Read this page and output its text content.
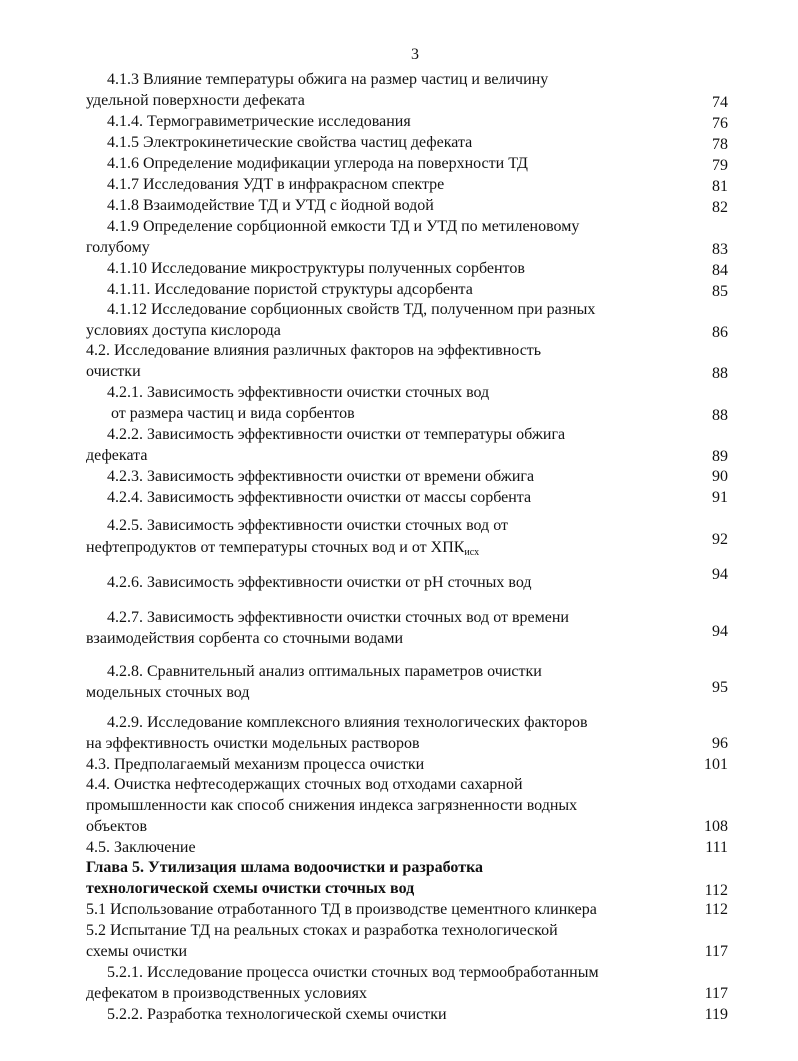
3
4.1.3 Влияние температуры обжига на размер частиц и величину
удельной поверхности дефеката	74
4.1.4. Термогравиметрические исследования	76
4.1.5 Электрокинетические свойства частиц дефеката	78
4.1.6 Определение модификации углерода на поверхности ТД	79
4.1.7 Исследования УДТ в инфракрасном спектре	81
4.1.8 Взаимодействие ТД и УТД с йодной водой	82
4.1.9 Определение сорбционной емкости ТД и УТД по метиленовому
голубому	83
4.1.10 Исследование микроструктуры полученных сорбентов	84
4.1.11. Исследование пористой структуры адсорбента	85
4.1.12 Исследование сорбционных свойств ТД, полученном при разных
условиях доступа кислорода	86
4.2. Исследование влияния различных факторов на эффективность
очистки	88
4.2.1. Зависимость эффективности очистки сточных вод
от размера частиц и вида сорбентов	88
4.2.2. Зависимость эффективности очистки от температуры обжига
дефеката	89
4.2.3. Зависимость эффективности очистки от времени обжига	90
4.2.4. Зависимость эффективности очистки от массы сорбента	91
4.2.5. Зависимость эффективности очистки сточных вод от
нефтепродуктов от температуры сточных вод и от $ХПК_{исх}$
92
4.2.6. Зависимость эффективности очистки от pH сточных вод	94
4.2.7. Зависимость эффективности очистки сточных вод от времени
взаимодействия сорбента со сточными водами	94
4.2.8. Сравнительный анализ оптимальных параметров очистки
модельных сточных вод	95
4.2.9. Исследование комплексного влияния технологических факторов
на эффективность очистки модельных растворов	96
4.3. Предполагаемый механизм процесса очистки	101
4.4. Очистка нефтесодержащих сточных вод отходами сахарной
промышленности как способ снижения индекса загрязненности водных
объектов	108
4.5. Заключение	111
Глава 5. Утилизация шлама водоочистки и разработка
технологической схемы очистки сточных вод	112
5.1 Использование отработанного ТД в производстве цементного клинкера	112
5.2 Испытание ТД на реальных стоках и разработка технологической
схемы очистки	117
5.2.1. Исследование процесса очистки сточных вод термообработанным
дефекатом в производственных условиях	117
5.2.2. Разработка технологической схемы очистки	119
